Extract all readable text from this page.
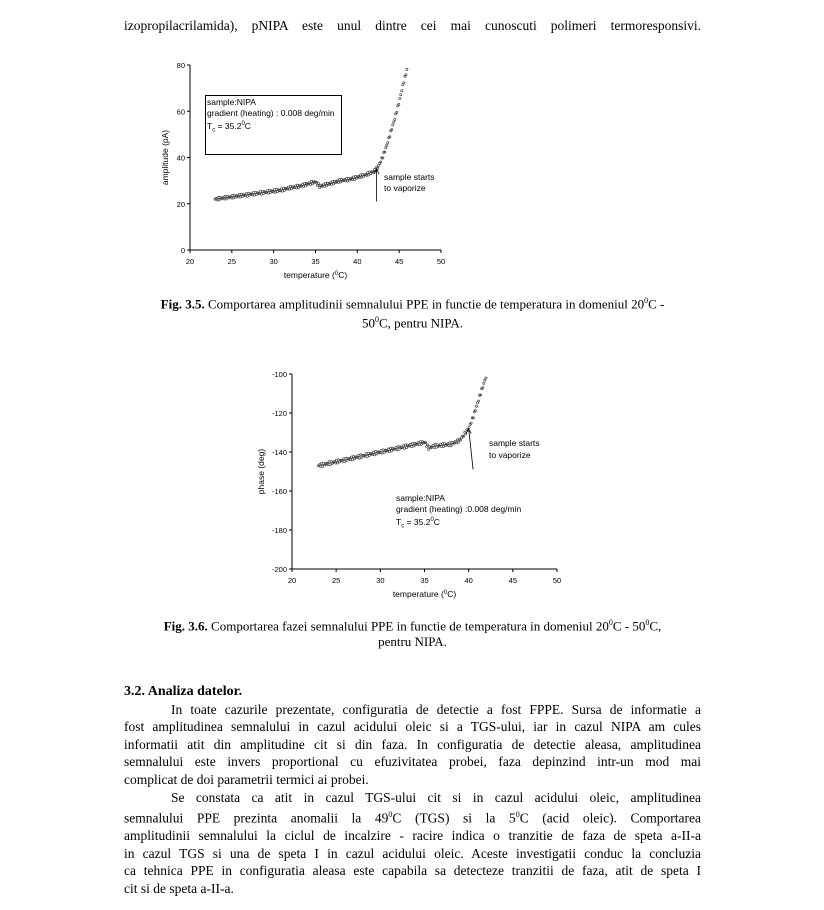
izopropilacrilamida), pNIPA este unul dintre cei mai cunoscuti polimeri termoresponsivi.
20	25	30	35	40	45	50
0
20
40
60
80
temperature ($^0$C)
amplitude (pA)
20	25	30	35	40	45	50
-200
-180
-160
-140
-120
-100
temperature ($^0$C)
phase (deg)
sample:NIPA
gradient (heating) : 0.008 deg/min
$T_c = 35.2^0C$
sample starts
to vaporize
Fig. 3.5. Comportarea amplitudinii semnalului PPE in functie de temperatura in domeniul $20^0C$ -
$50^0C$, pentru NIPA.
sample:NIPA
gradient (heating) :0.008 deg/min
$T_c = 35.2^0C$
sample starts
to vaporize
Fig. 3.6. Comportarea fazei semnalului PPE in functie de temperatura in domeniul $20^0C - 50^0C$,
pentru NIPA.
3.2. Analiza datelor.
In toate cazurile prezentate, configuratia de detectie a fost FPPE. Sursa de informatie a
fost amplitudinea semnalului in cazul acidului oleic si a TGS-ului, iar in cazul NIPA am cules
informatii atit din amplitudine cit si din faza. In configuratia de detectie aleasa, amplitudinea
semnalului este invers proportional cu efuzivitatea probei, faza depinzind intr-un mod mai
complicat de doi parametrii termici ai probei.
Se constata ca atit in cazul TGS-ului cit si in cazul acidului oleic, amplitudinea
semnalului PPE prezinta anomalii la $49^0C$ (TGS) si la $5^0C$ (acid oleic). Comportarea
amplitudinii semnalului la ciclul de incalzire - racire indica o tranzitie de faza de speta a-II-a
in cazul TGS si una de speta I in cazul acidului oleic. Aceste investigatii conduc la concluzia
ca tehnica PPE in configuratia aleasa este capabila sa detecteze tranzitii de faza, atit de speta I
cit si de speta a-II-a.
